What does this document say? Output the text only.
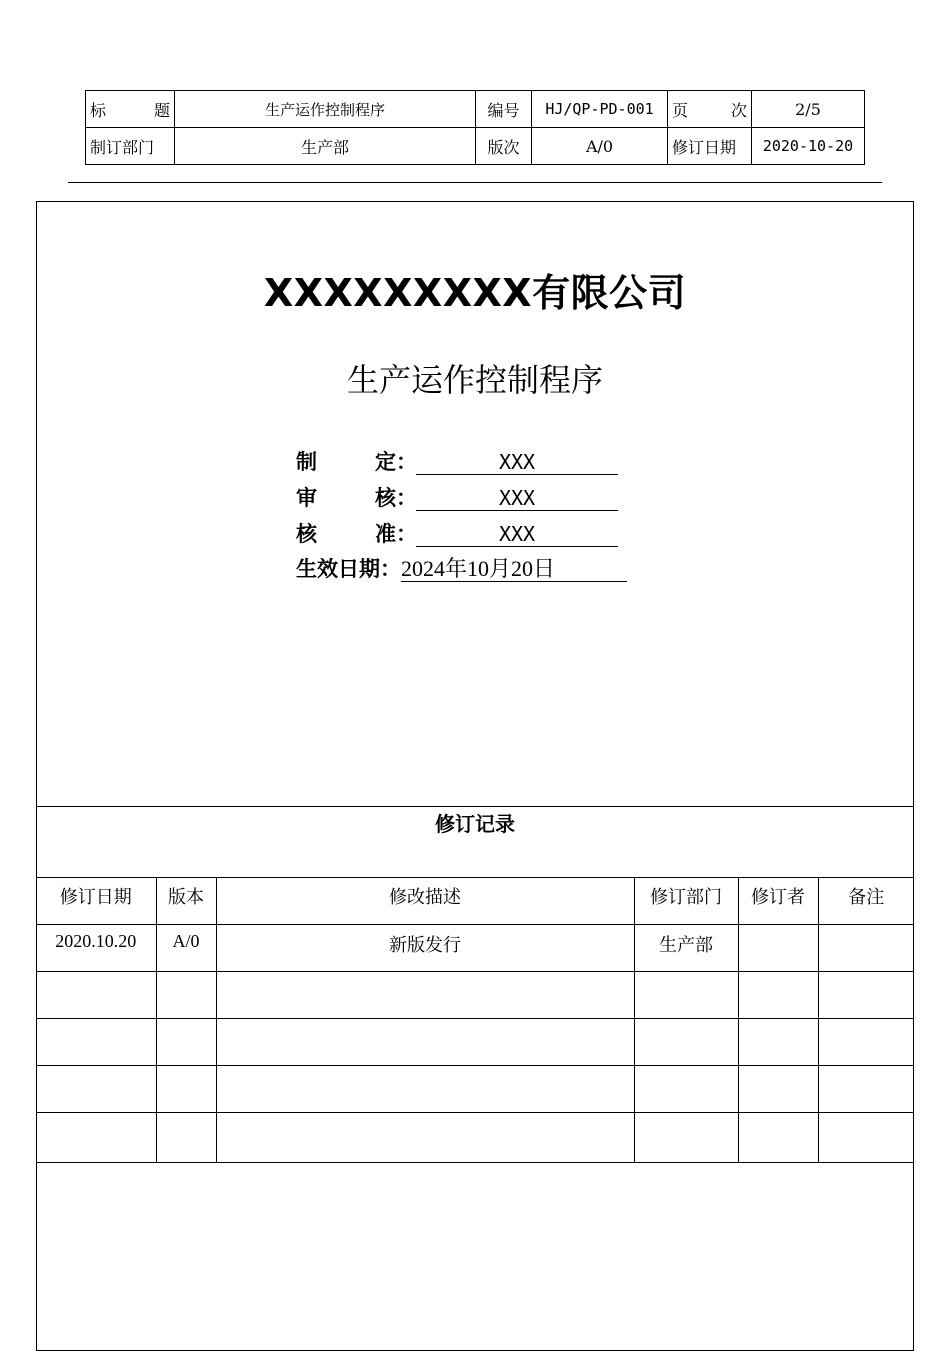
标 题	生产运作控制程序	编号	HJ/QP-PD-001	页 次	2/5
制订部门	生产部	版次	A/0	修订日期	2020-10-20
XXXXXXXXX有限公司
生产运作控制程序
制	定 ：	XXX
审	核 ：	XXX
核	准 ：	XXX
生效日期： 2024年10月20日
修订记录
修订日期	版本	修改描述	修订部门	修订者	备注
2020.10.20	A/0	新版发行	生产部		
